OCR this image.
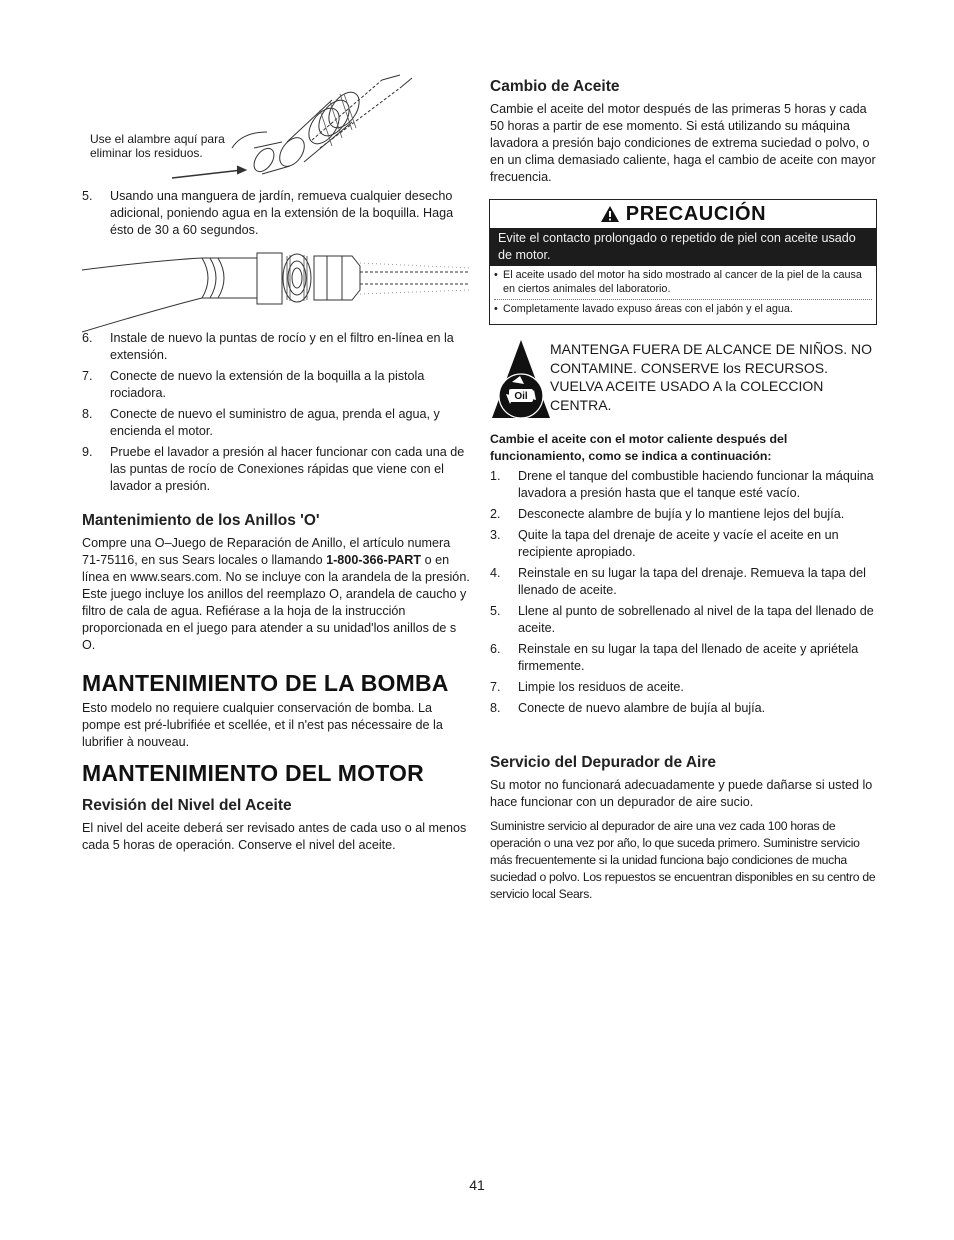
Use el alambre aquí para eliminar los residuos.
5. Usando una manguera de jardín, remueva cualquier desecho adicional, poniendo agua en la extensión de la boquilla. Haga ésto de 30 a 60 segundos.
6. Instale de nuevo la puntas de rocío y en el filtro en-línea en la extensión.
7. Conecte de nuevo la extensión de la boquilla a la pistola rociadora.
8. Conecte de nuevo el suministro de agua, prenda el agua, y encienda el motor.
9. Pruebe el lavador a presión al hacer funcionar con cada una de las puntas de rocío de Conexiones rápidas que viene con el lavador a presión.
Mantenimiento de los Anillos 'O'
Compre una O–Juego de Reparación de Anillo, el artículo numera 71-75116, en sus Sears locales o llamando 1-800-366-PART o en línea en www.sears.com. No se incluye con la arandela de la presión. Este juego incluye los anillos del reemplazo O, arandela de caucho y filtro de cala de agua. Refiérase a la hoja de la instrucción proporcionada en el juego para atender a su unidad'los anillos de s O.
MANTENIMIENTO DE LA BOMBA
Esto modelo no requiere cualquier conservación de bomba. La pompe est pré-lubrifiée et scellée, et il n'est pas nécessaire de la lubrifier à nouveau.
MANTENIMIENTO DEL MOTOR
Revisión del Nivel del Aceite
El nivel del aceite deberá ser revisado antes de cada uso o al menos cada 5 horas de operación. Conserve el nivel del aceite.
Cambio de Aceite
Cambie el aceite del motor después de las primeras 5 horas y cada 50 horas a partir de ese momento. Si está utilizando su máquina lavadora a presión bajo condiciones de extrema suciedad o polvo, o en un clima demasiado caliente, haga el cambio de aceite con mayor frecuencia.
PRECAUCIÓN
Evite el contacto prolongado o repetido de piel con aceite usado de motor.
• El aceite usado del motor ha sido mostrado al cancer de la piel de la causa en ciertos animales del laboratorio.
• Completamente lavado expuso áreas con el jabón y el agua.
Oil
MANTENGA FUERA DE ALCANCE DE NIÑOS. NO CONTAMINE. CONSERVE los RECURSOS. VUELVA ACEITE USADO A la COLECCION CENTRA.
Cambie el aceite con el motor caliente después del funcionamiento, como se indica a continuación:
1. Drene el tanque del combustible haciendo funcionar la máquina lavadora a presión hasta que el tanque esté vacío.
2. Desconecte alambre de bujía y lo mantiene lejos del bujía.
3. Quite la tapa del drenaje de aceite y vacíe el aceite en un recipiente apropiado.
4. Reinstale en su lugar la tapa del drenaje. Remueva la tapa del llenado de aceite.
5. Llene al punto de sobrellenado al nivel de la tapa del llenado de aceite.
6. Reinstale en su lugar la tapa del llenado de aceite y apriétela firmemente.
7. Limpie los residuos de aceite.
8. Conecte de nuevo alambre de bujía al bujía.
Servicio del Depurador de Aire
Su motor no funcionará adecuadamente y puede dañarse si usted lo hace funcionar con un depurador de aire sucio.
Suministre servicio al depurador de aire una vez cada 100 horas de operación o una vez por año, lo que suceda primero. Suministre servicio más frecuentemente si la unidad funciona bajo condiciones de mucha suciedad o polvo. Los repuestos se encuentran disponibles en su centro de servicio local Sears.
41
